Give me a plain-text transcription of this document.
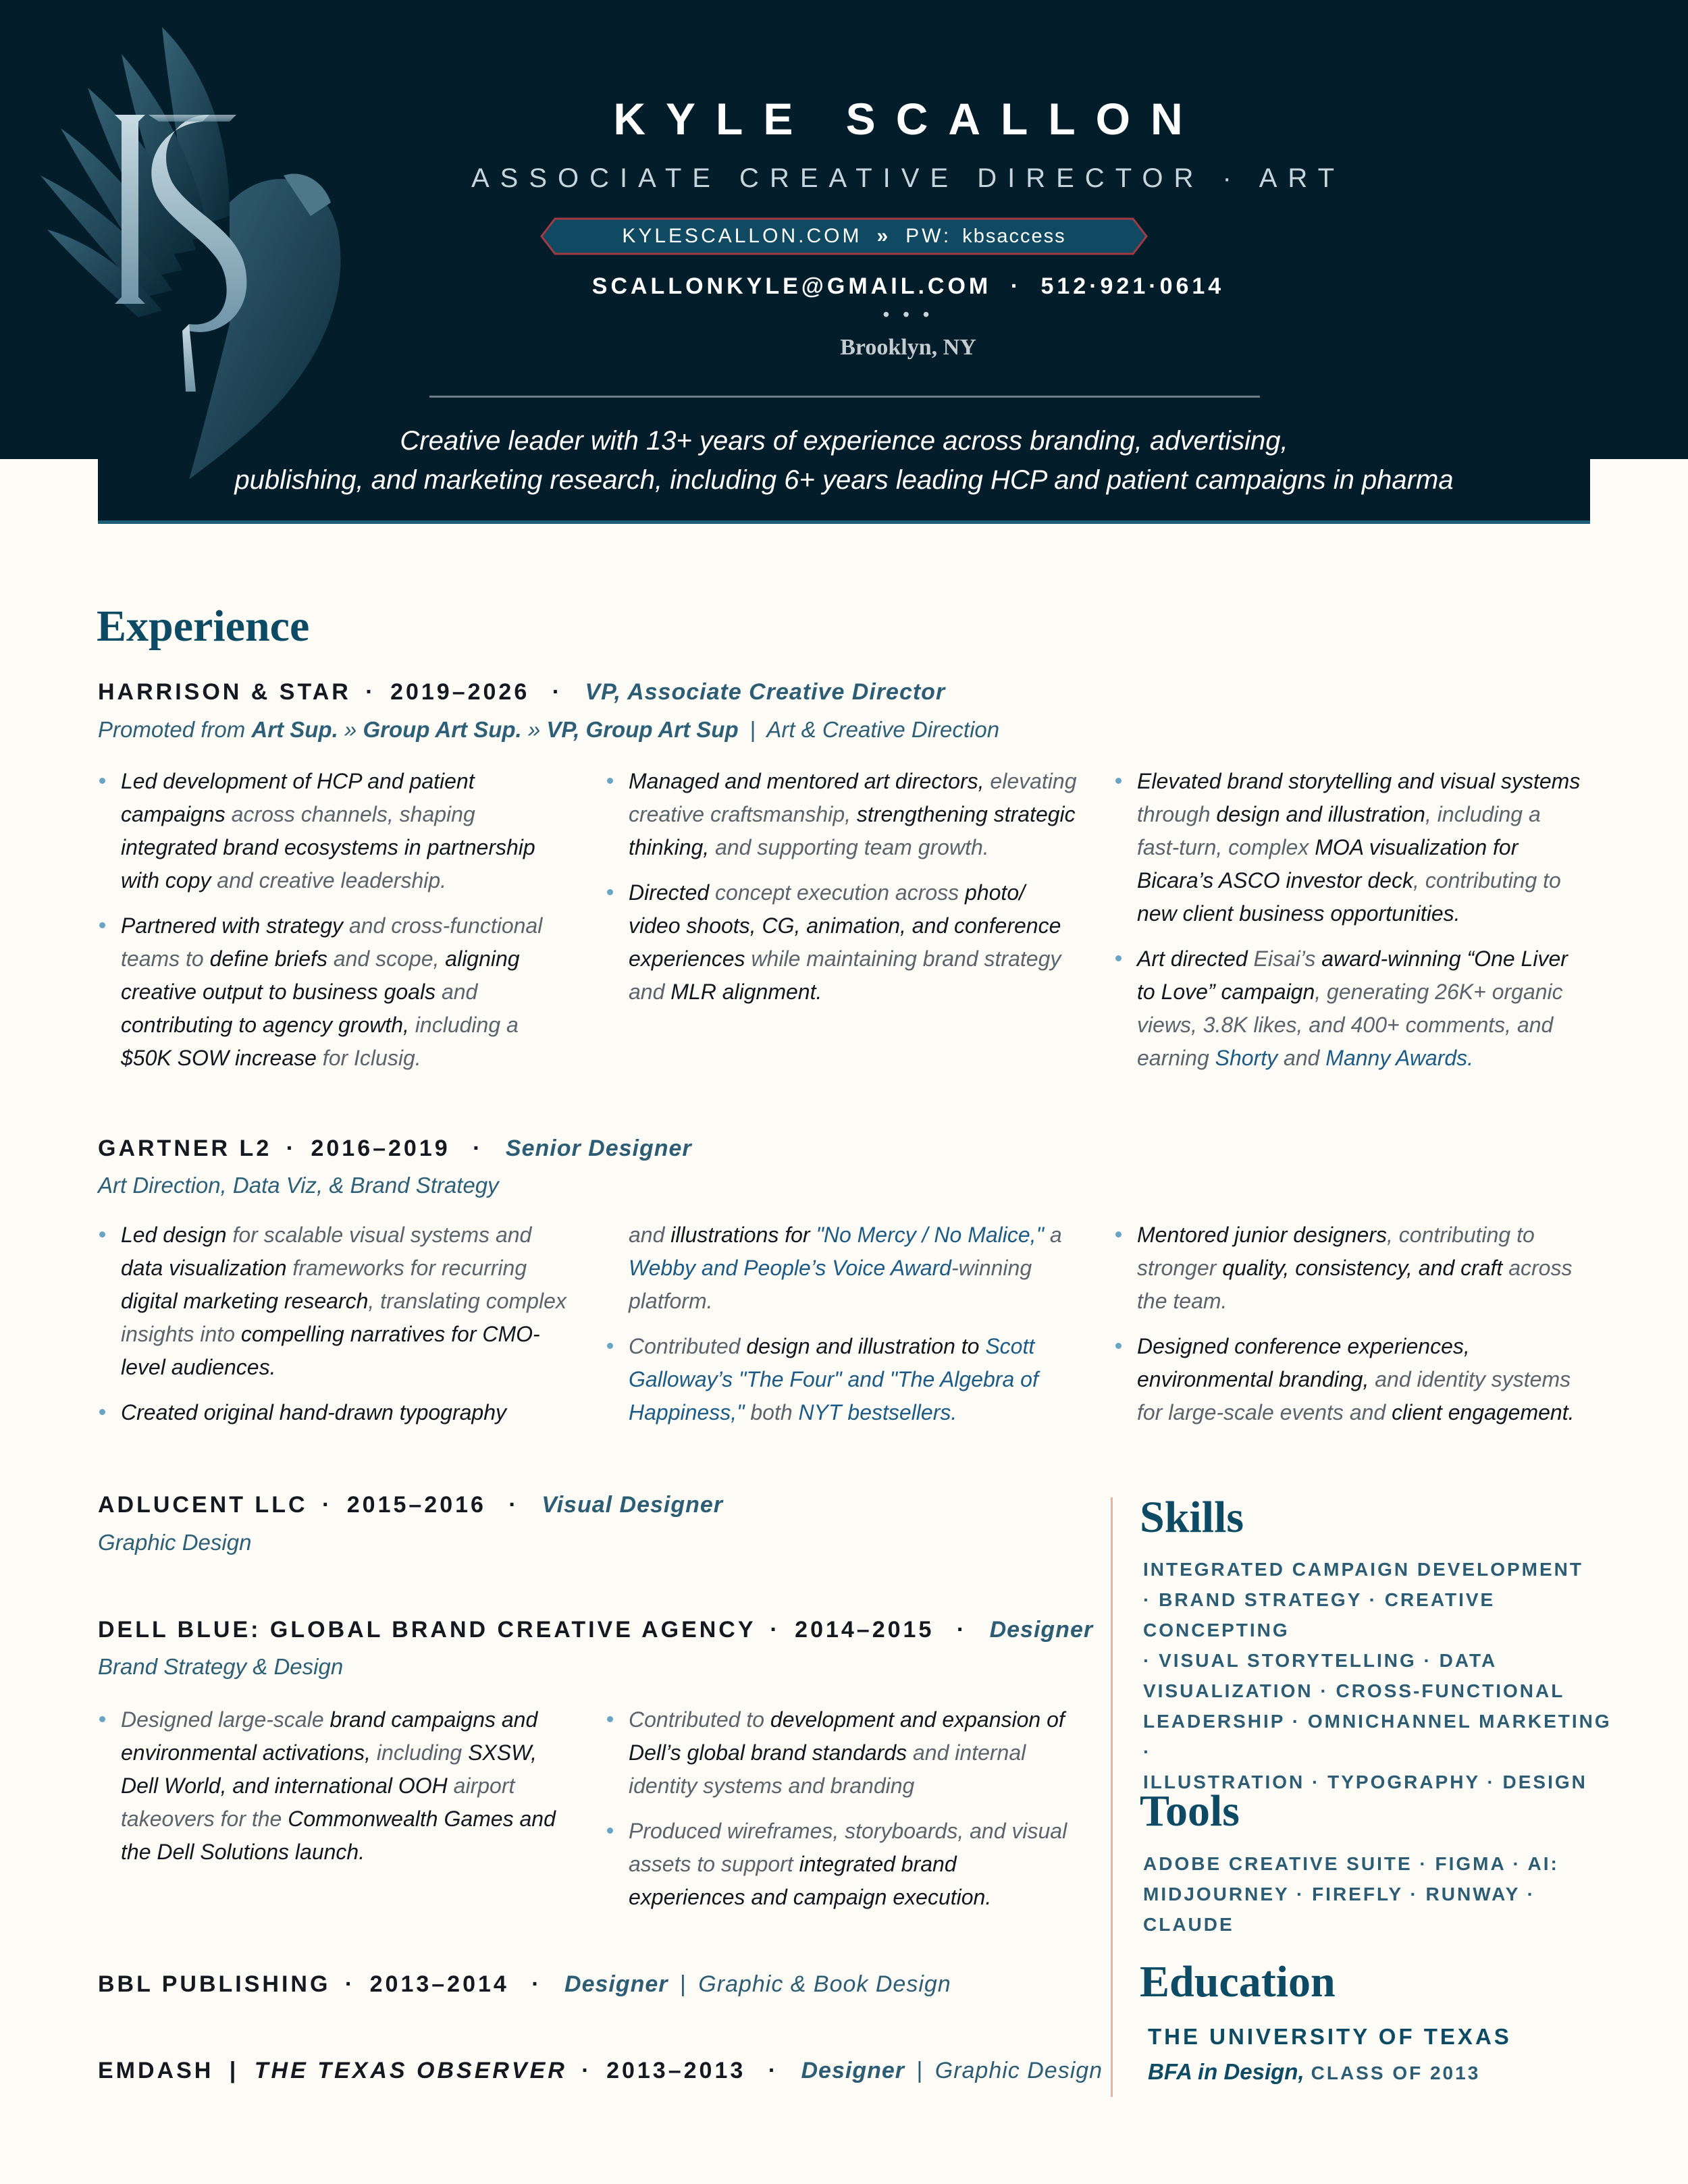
KYLE SCALLON
ASSOCIATE CREATIVE DIRECTOR · ART
KYLESCALLON.COM » PW: kbsaccess
SCALLONKYLE@GMAIL.COM · 512·921·0614
• • •
Brooklyn, NY
Creative leader with 13+ years of experience across branding, advertising,
publishing, and marketing research, including 6+ years leading HCP and patient campaigns in pharma
Experience
HARRISON & STAR · 2019–2026 · VP, Associate Creative Director
Promoted from Art Sup. » Group Art Sup. » VP, Group Art Sup | Art & Creative Direction
Led development of HCP and patient campaigns across channels, shaping integrated brand ecosystems in partnership with copy and creative leadership.
Partnered with strategy and cross-functional teams to define briefs and scope, aligning creative output to business goals and contributing to agency growth, including a $50K SOW increase for Iclusig.
Managed and mentored art directors, elevating creative craftsmanship, strengthening strategic thinking, and supporting team growth.
Directed concept execution across photo/ video shoots, CG, animation, and conference experiences while maintaining brand strategy and MLR alignment.
Elevated brand storytelling and visual systems through design and illustration, including a fast-turn, complex MOA visualization for Bicara’s ASCO investor deck, contributing to new client business opportunities.
Art directed Eisai’s award-winning “One Liver to Love” campaign, generating 26K+ organic views, 3.8K likes, and 400+ comments, and earning Shorty and Manny Awards.
GARTNER L2 · 2016–2019 · Senior Designer
Art Direction, Data Viz, & Brand Strategy
Led design for scalable visual systems and data visualization frameworks for recurring digital marketing research, translating complex insights into compelling narratives for CMO-level audiences.
Created original hand-drawn typography
and illustrations for "No Mercy / No Malice," a Webby and People’s Voice Award-winning platform.
Contributed design and illustration to Scott Galloway’s "The Four" and "The Algebra of Happiness," both NYT bestsellers.
Mentored junior designers, contributing to stronger quality, consistency, and craft across the team.
Designed conference experiences, environmental branding, and identity systems for large-scale events and client engagement.
ADLUCENT LLC · 2015–2016 · Visual Designer
Graphic Design
DELL BLUE: GLOBAL BRAND CREATIVE AGENCY · 2014–2015 · Designer
Brand Strategy & Design
Designed large-scale brand campaigns and environmental activations, including SXSW, Dell World, and international OOH airport takeovers for the Commonwealth Games and the Dell Solutions launch.
Contributed to development and expansion of Dell’s global brand standards and internal identity systems and branding
Produced wireframes, storyboards, and visual assets to support integrated brand experiences and campaign execution.
BBL PUBLISHING · 2013–2014 · Designer | Graphic & Book Design
EMDASH | THE TEXAS OBSERVER · 2013–2013 · Designer | Graphic Design
Skills
INTEGRATED CAMPAIGN DEVELOPMENT
· BRAND STRATEGY · CREATIVE CONCEPTING
· VISUAL STORYTELLING · DATA
VISUALIZATION · CROSS-FUNCTIONAL
LEADERSHIP · OMNICHANNEL MARKETING ·
ILLUSTRATION · TYPOGRAPHY · DESIGN
Tools
ADOBE CREATIVE SUITE · FIGMA · AI:
MIDJOURNEY · FIREFLY · RUNWAY · CLAUDE
Education
THE UNIVERSITY OF TEXAS
BFA in Design, CLASS OF 2013
